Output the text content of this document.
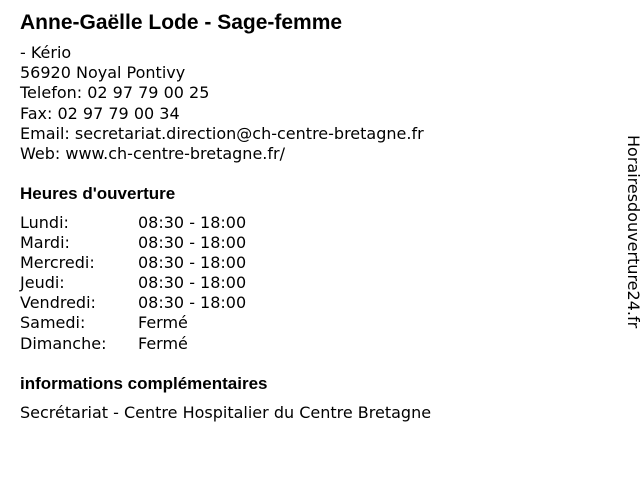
Anne-Gaëlle Lode - Sage-femme
- Kério
56920 Noyal Pontivy
Telefon: 02 97 79 00 25
Fax: 02 97 79 00 34
Email: secretariat.direction@ch-centre-bretagne.fr
Web: www.ch-centre-bretagne.fr/
Heures d'ouverture
Lundi:	08:30 - 18:00
Mardi:	08:30 - 18:00
Mercredi:	08:30 - 18:00
Jeudi:	08:30 - 18:00
Vendredi:	08:30 - 18:00
Samedi:	Fermé
Dimanche: Fermé
informations complémentaires
Secrétariat - Centre Hospitalier du Centre Bretagne
Horairesdouverture24.fr
